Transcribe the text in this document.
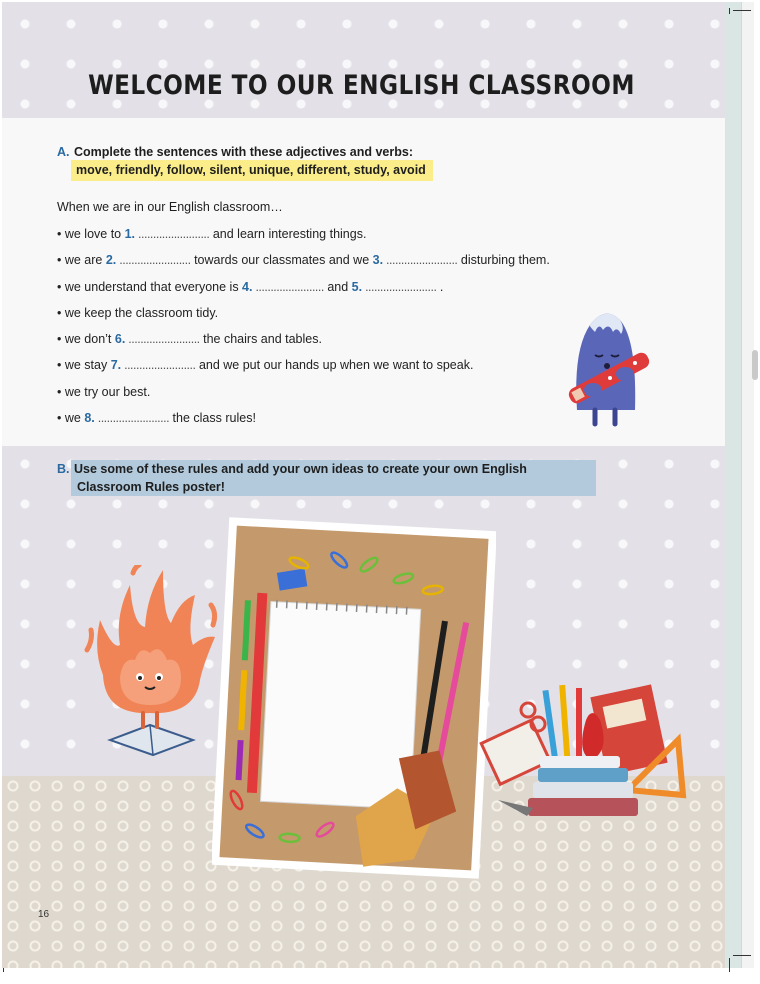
WELCOME TO OUR ENGLISH CLASSROOM
A. Complete the sentences with these adjectives and verbs:
move, friendly, follow, silent, unique, different, study, avoid
When we are in our English classroom…
• we love to 1. ........................ and learn interesting things.
• we are 2. ........................ towards our classmates and we 3. ........................ disturbing them.
• we understand that everyone is 4. ....................... and 5. ........................ .
• we keep the classroom tidy.
• we don’t 6. ........................ the chairs and tables.
• we stay 7. ........................ and we put our hands up when we want to speak.
• we try our best.
• we 8. ........................ the class rules!
B. Use some of these rules and add your own ideas to create your own English
Classroom Rules poster!
16
